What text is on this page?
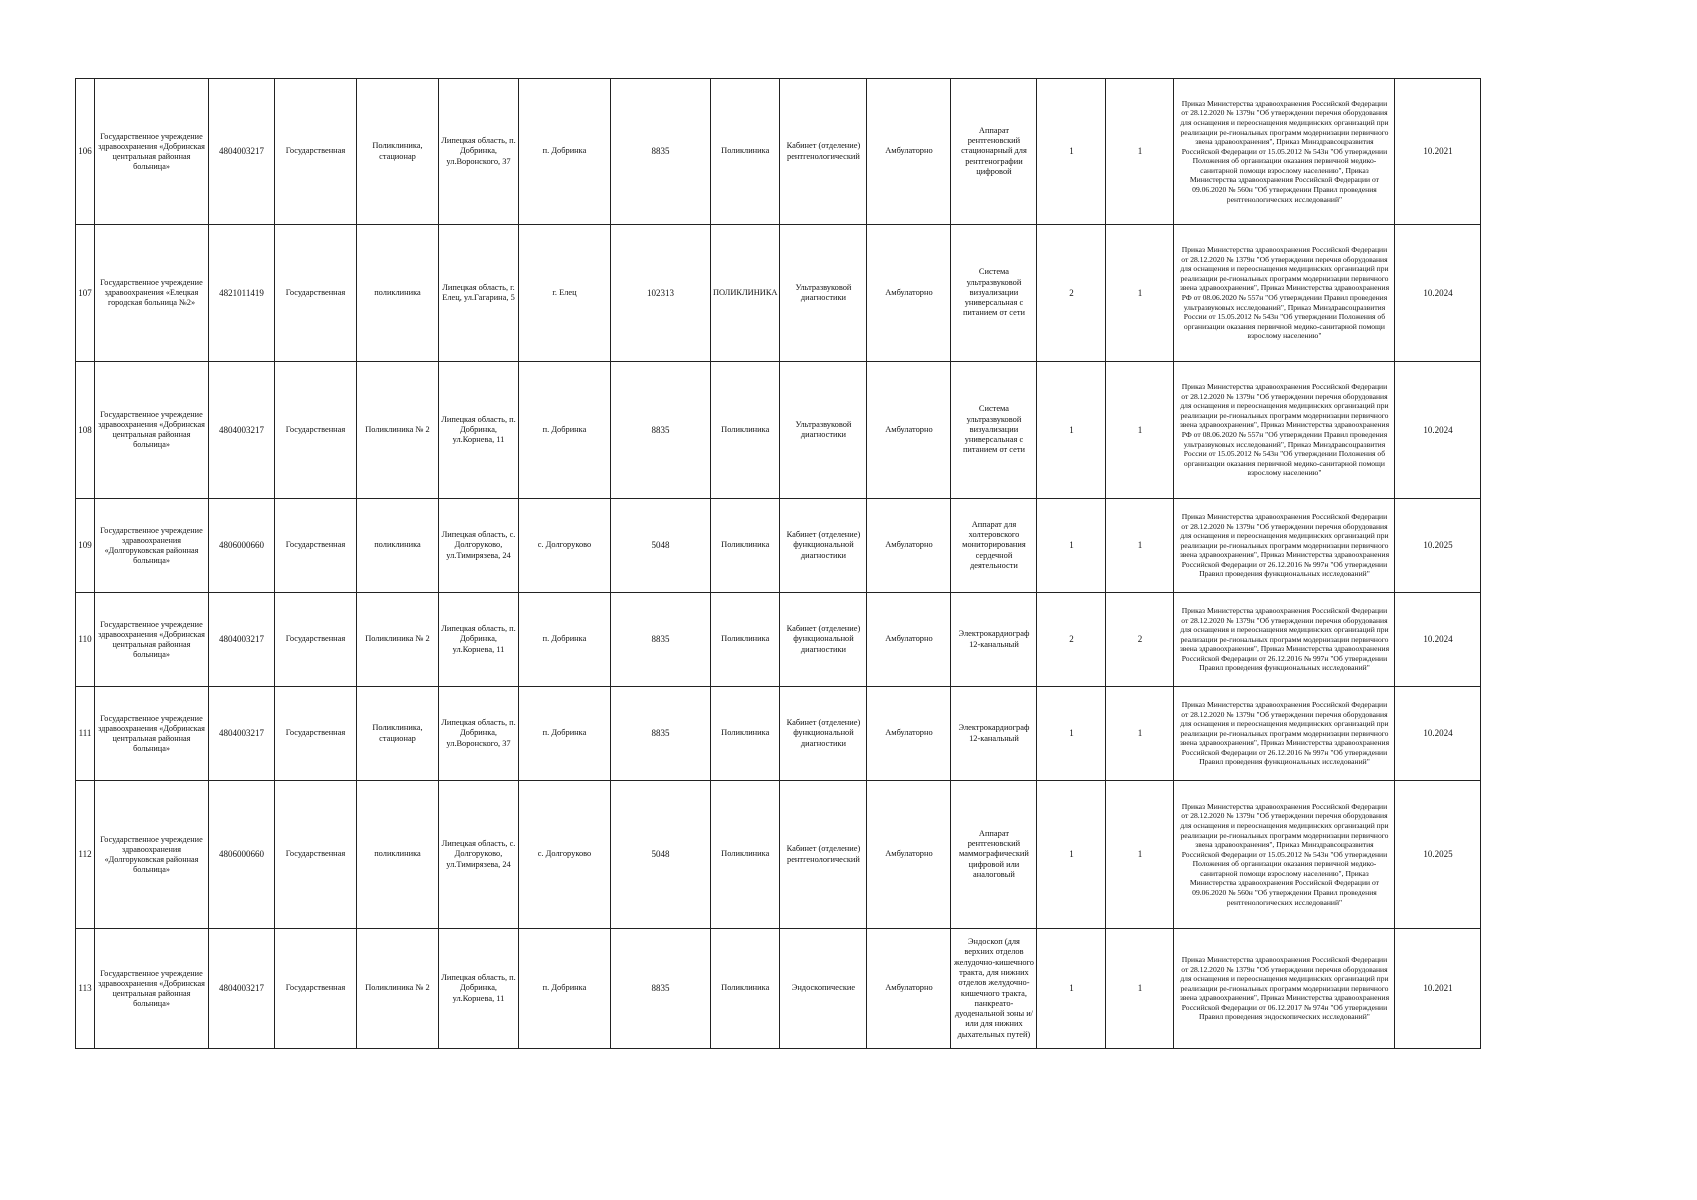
106	Государственное учреждение здравоохранения «Добринская центральная районная больница»	4804003217	Государственная	Поликлиника, стационар	Липецкая область, п. Добринка, ул.Воронского, 37	п. Добринка	8835	Поликлиника	Кабинет (отделение) рентгенологический	Амбулаторно	Аппарат рентгеновский стационарный для рентгенографии цифровой	1	1	Приказ Министерства здравоохранения Российской Федерации от 28.12.2020 № 1379н "Об утверждении перечня оборудования для оснащения и переоснащения медицинских организаций при реализации ре-гиональных программ модернизации первичного звена здравоохранения", Приказ Минздравсоцразвития Российской Федерации от 15.05.2012 № 543н "Об утверждении Положения об организации оказания первичной медико-санитарной помощи взрослому населению", Приказ Министерства здравоохранения Российской Федерации от 09.06.2020 № 560н "Об утверждении Правил проведения рентгенологических исследований"	10.2021
107	Государственное учреждение здравоохранения «Елецкая городская больница №2»	4821011419	Государственная	поликлиника	Липецкая область, г. Елец, ул.Гагарина, 5	г. Елец	102313	ПОЛИКЛИНИКА	Ультразвуковой диагностики	Амбулаторно	Система ультразвуковой визуализации универсальная с питанием от сети	2	1	Приказ Министерства здравоохранения Российской Федерации от 28.12.2020 № 1379н "Об утверждении перечня оборудования для оснащения и переоснащения медицинских организаций при реализации ре-гиональных программ модернизации первичного звена здравоохранения", Приказ Министерства здравоохранения РФ от 08.06.2020 № 557н "Об утверждении Правил проведения ультразвуковых исследований", Приказ Минздравсоцразвития России от 15.05.2012 № 543н "Об утверждении Положения об организации оказания первичной медико-санитарной помощи взрослому населению"	10.2024
108	Государственное учреждение здравоохранения «Добринская центральная районная больница»	4804003217	Государственная	Поликлиника № 2	Липецкая область, п. Добринка, ул.Корнева, 11	п. Добринка	8835	Поликлиника	Ультразвуковой диагностики	Амбулаторно	Система ультразвуковой визуализации универсальная с питанием от сети	1	1	Приказ Министерства здравоохранения Российской Федерации от 28.12.2020 № 1379н "Об утверждении перечня оборудования для оснащения и переоснащения медицинских организаций при реализации ре-гиональных программ модернизации первичного звена здравоохранения", Приказ Министерства здравоохранения РФ от 08.06.2020 № 557н "Об утверждении Правил проведения ультразвуковых исследований", Приказ Минздравсоцразвития России от 15.05.2012 № 543н "Об утверждении Положения об организации оказания первичной медико-санитарной помощи взрослому населению"	10.2024
109	Государственное учреждение здравоохранения «Долгоруковская районная больница»	4806000660	Государственная	поликлиника	Липецкая область, с. Долгоруково, ул.Тимирязева, 24	с. Долгоруково	5048	Поликлиника	Кабинет (отделение) функциональной диагностики	Амбулаторно	Аппарат для холтеровского мониторирования сердечной деятельности	1	1	Приказ Министерства здравоохранения Российской Федерации от 28.12.2020 № 1379н "Об утверждении перечня оборудования для оснащения и переоснащения медицинских организаций при реализации ре-гиональных программ модернизации первичного звена здравоохранения", Приказ Министерства здравоохранения Российской Федерации от 26.12.2016 № 997н "Об утверждении Правил проведения функциональных исследований"	10.2025
110	Государственное учреждение здравоохранения «Добринская центральная районная больница»	4804003217	Государственная	Поликлиника № 2	Липецкая область, п. Добринка, ул.Корнева, 11	п. Добринка	8835	Поликлиника	Кабинет (отделение) функциональной диагностики	Амбулаторно	Электрокардиограф 12-канальный	2	2	Приказ Министерства здравоохранения Российской Федерации от 28.12.2020 № 1379н "Об утверждении перечня оборудования для оснащения и переоснащения медицинских организаций при реализации ре-гиональных программ модернизации первичного звена здравоохранения", Приказ Министерства здравоохранения Российской Федерации от 26.12.2016 № 997н "Об утверждении Правил проведения функциональных исследований"	10.2024
111	Государственное учреждение здравоохранения «Добринская центральная районная больница»	4804003217	Государственная	Поликлиника, стационар	Липецкая область, п. Добринка, ул.Воронского, 37	п. Добринка	8835	Поликлиника	Кабинет (отделение) функциональной диагностики	Амбулаторно	Электрокардиограф 12-канальный	1	1	Приказ Министерства здравоохранения Российской Федерации от 28.12.2020 № 1379н "Об утверждении перечня оборудования для оснащения и переоснащения медицинских организаций при реализации ре-гиональных программ модернизации первичного звена здравоохранения", Приказ Министерства здравоохранения Российской Федерации от 26.12.2016 № 997н "Об утверждении Правил проведения функциональных исследований"	10.2024
112	Государственное учреждение здравоохранения «Долгоруковская районная больница»	4806000660	Государственная	поликлиника	Липецкая область, с. Долгоруково, ул.Тимирязева, 24	с. Долгоруково	5048	Поликлиника	Кабинет (отделение) рентгенологический	Амбулаторно	Аппарат рентгеновский маммографический цифровой или аналоговый	1	1	Приказ Министерства здравоохранения Российской Федерации от 28.12.2020 № 1379н "Об утверждении перечня оборудования для оснащения и переоснащения медицинских организаций при реализации ре-гиональных программ модернизации первичного звена здравоохранения", Приказ Минздравсоцразвития Российской Федерации от 15.05.2012 № 543н "Об утверждении Положения об организации оказания первичной медико-санитарной помощи взрослому населению", Приказ Министерства здравоохранения Российской Федерации от 09.06.2020 № 560н "Об утверждении Правил проведения рентгенологических исследований"	10.2025
113	Государственное учреждение здравоохранения «Добринская центральная районная больница»	4804003217	Государственная	Поликлиника № 2	Липецкая область, п. Добринка, ул.Корнева, 11	п. Добринка	8835	Поликлиника	Эндоскопические	Амбулаторно	Эндоскоп (для верхних отделов желудочно-кишечного тракта, для нижних отделов желудочно-кишечного тракта, панкреато-дуоденальной зоны и/или для нижних дыхательных путей)	1	1	Приказ Министерства здравоохранения Российской Федерации от 28.12.2020 № 1379н "Об утверждении перечня оборудования для оснащения и переоснащения медицинских организаций при реализации ре-гиональных программ модернизации первичного звена здравоохранения", Приказ Министерства здравоохранения Российской Федерации от 06.12.2017 № 974н "Об утверждении Правил проведения эндоскопических исследований"	10.2021
